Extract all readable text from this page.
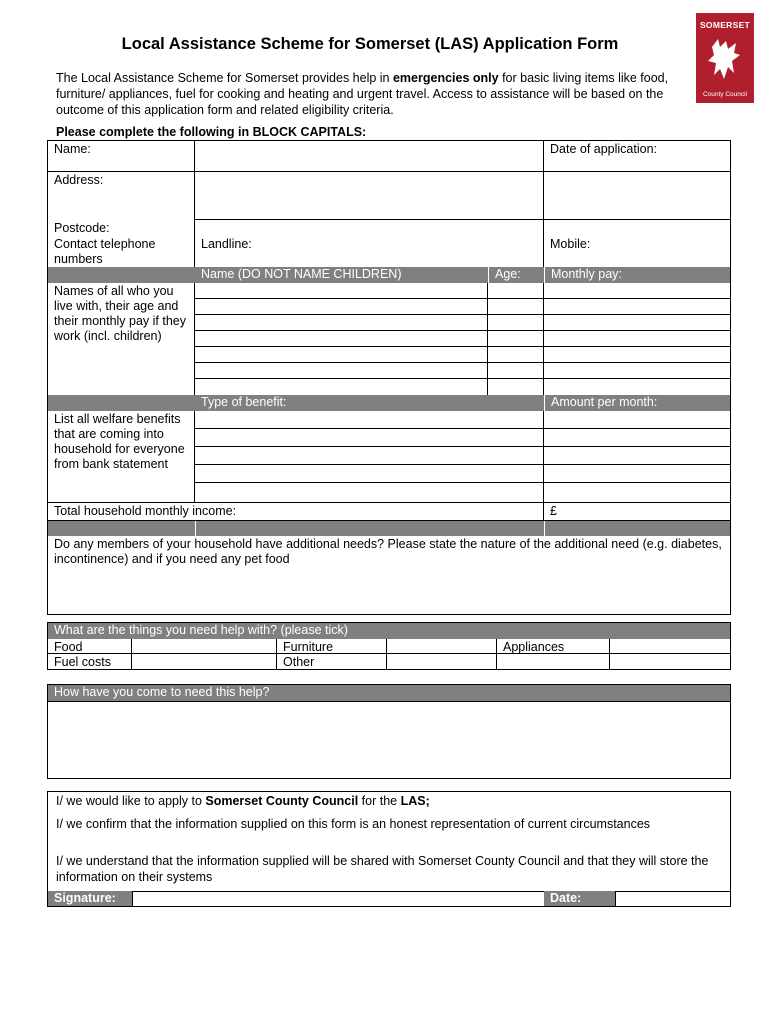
Local Assistance Scheme for Somerset (LAS) Application Form
SOMERSET
County Council
The Local Assistance Scheme for Somerset provides help in emergencies only for basic living items like food, furniture/ appliances, fuel for cooking and heating and urgent travel. Access to assistance will be based on the outcome of this application form and related eligibility criteria.
Please complete the following in BLOCK CAPITALS:
Name:	Date of application:
Address:
Postcode:
Contact telephone numbers
Landline:	Mobile:
Name (DO NOT NAME CHILDREN)	Age:	Monthly pay:
Names of all who you live with, their age and their monthly pay if they work (incl. children)
Type of benefit:	Amount per month:
List all welfare benefits that are coming into household for everyone from bank statement
Total household monthly income:	£
Do any members of your household have additional needs? Please state the nature of the additional need (e.g. diabetes, incontinence) and if you need any pet food
What are the things you need help with? (please tick)
Food	Furniture	Appliances
Fuel costs	Other
How have you come to need this help?

I/ we would like to apply to Somerset County Council for the LAS;

I/ we confirm that the information supplied on this form is an honest representation of current circumstances

I/ we understand that the information supplied will be shared with Somerset County Council and that they will store the information on their systems

Signature:	Date:
